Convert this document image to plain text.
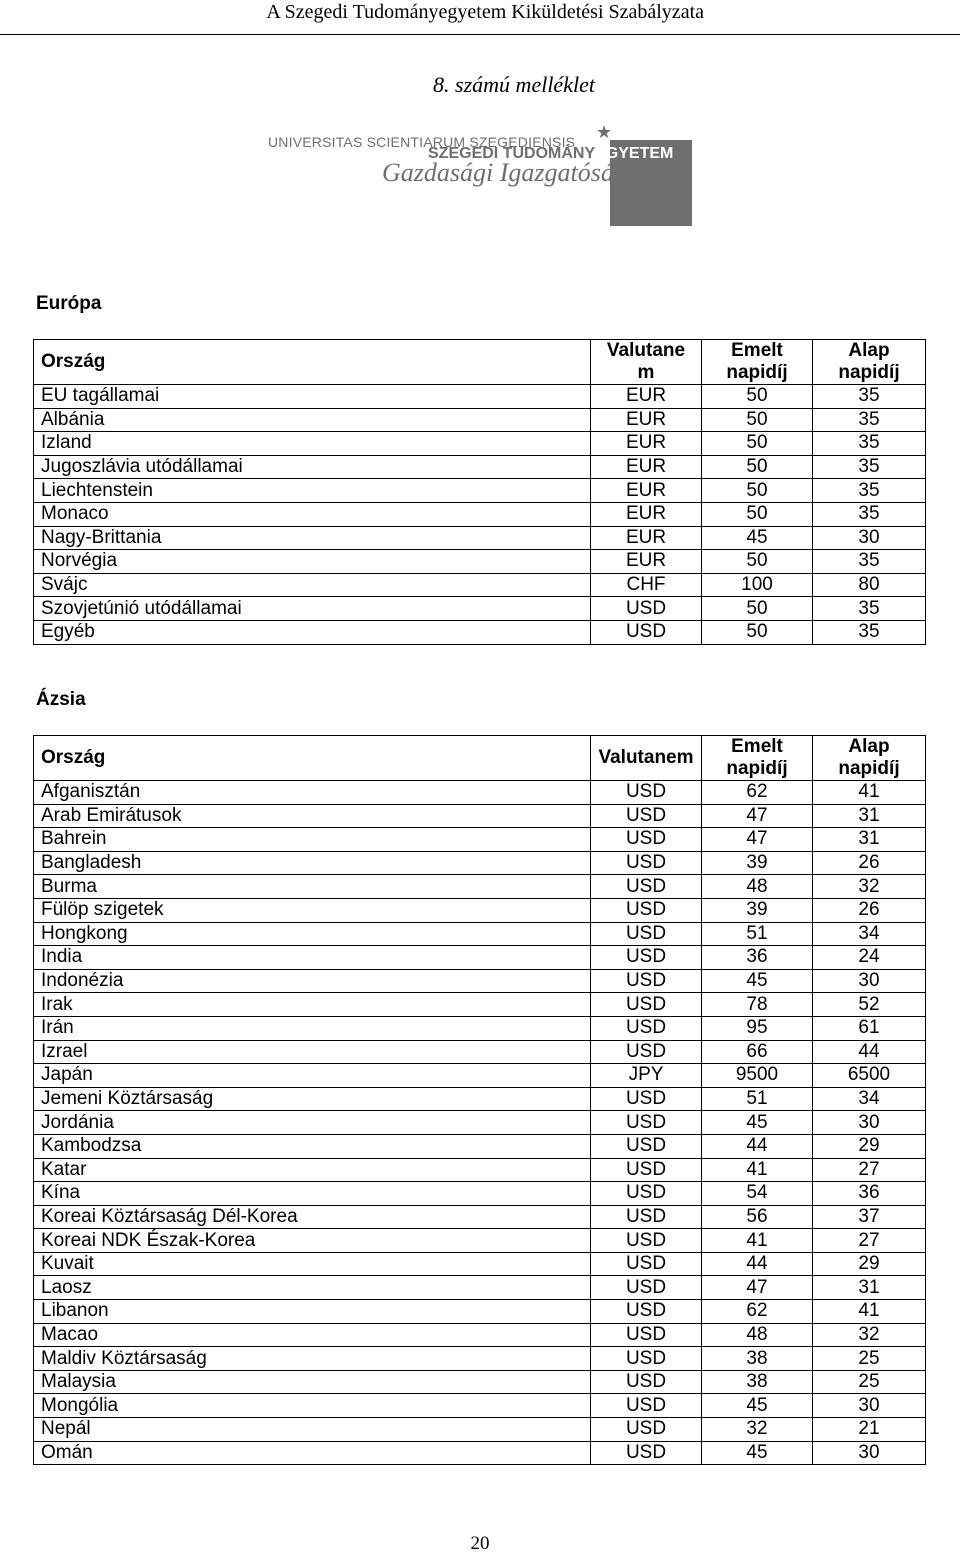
A Szegedi Tudományegyetem Kiküldetési Szabályzata
8. számú melléklet
★
UNIVERSITAS SCIENTIARUM SZEGEDIENSIS
SZEGEDI TUDOMÁNYEGYETEM
Gazdasági Igazgatóság
Európa
Ország	Valutane m	Emelt napidíj	Alap napidíj

EU tagállamai	EUR	50	35
Albánia	EUR	50	35
Izland	EUR	50	35
Jugoszlávia utódállamai	EUR	50	35
Liechtenstein	EUR	50	35
Monaco	EUR	50	35
Nagy-Brittania	EUR	45	30
Norvégia	EUR	50	35
Svájc	CHF	100	80
Szovjetúnió utódállamai	USD	50	35
Egyéb	USD	50	35
Ázsia
Ország	Valutanem	Emelt napidíj	Alap napidíj

Afganisztán	USD	62	41
Arab Emirátusok	USD	47	31
Bahrein	USD	47	31
Bangladesh	USD	39	26
Burma	USD	48	32
Fülöp szigetek	USD	39	26
Hongkong	USD	51	34
India	USD	36	24
Indonézia	USD	45	30
Irak	USD	78	52
Irán	USD	95	61
Izrael	USD	66	44
Japán	JPY	9500	6500
Jemeni Köztársaság	USD	51	34
Jordánia	USD	45	30
Kambodzsa	USD	44	29
Katar	USD	41	27
Kína	USD	54	36
Koreai Köztársaság Dél-Korea	USD	56	37
Koreai NDK Észak-Korea	USD	41	27
Kuvait	USD	44	29
Laosz	USD	47	31
Libanon	USD	62	41
Macao	USD	48	32
Maldiv Köztársaság	USD	38	25
Malaysia	USD	38	25
Mongólia	USD	45	30
Nepál	USD	32	21
Omán	USD	45	30
20
